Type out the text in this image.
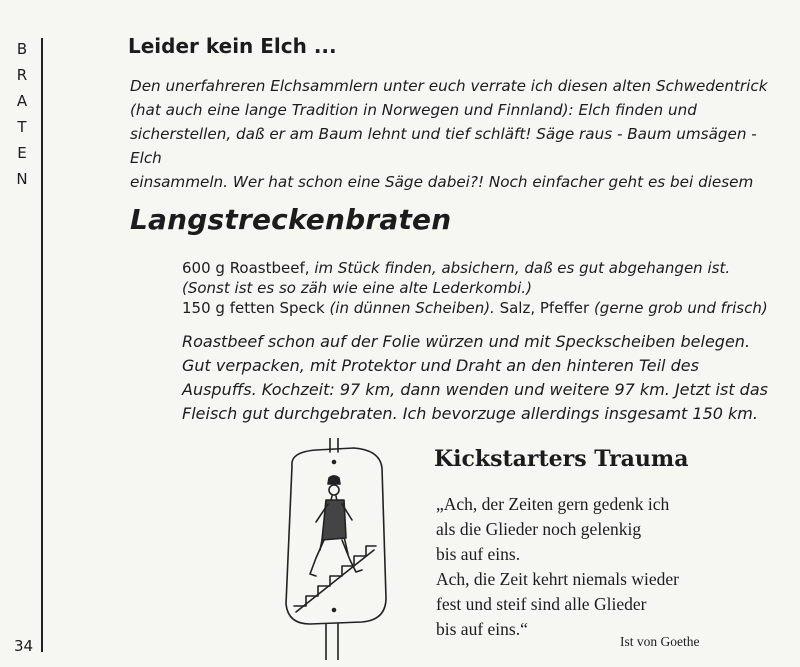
B
R
A
T
E
N
34
Leider kein Elch ...
Den unerfahreren Elchsammlern unter euch verrate ich diesen alten Schwedentrick
(hat auch eine lange Tradition in Norwegen und Finnland): Elch finden und
sicherstellen, daß er am Baum lehnt und tief schläft! Säge raus - Baum umsägen - Elch
einsammeln. Wer hat schon eine Säge dabei?! Noch einfacher geht es bei diesem
Langstreckenbraten
600 g Roastbeef, im Stück finden, absichern, daß es gut abgehangen ist.
(Sonst ist es so zäh wie eine alte Lederkombi.)
150 g fetten Speck (in dünnen Scheiben). Salz, Pfeffer (gerne grob und frisch)
Roastbeef schon auf der Folie würzen und mit Speckscheiben belegen.
Gut verpacken, mit Protektor und Draht an den hinteren Teil des
Auspuffs. Kochzeit: 97 km, dann wenden und weitere 97 km. Jetzt ist das
Fleisch gut durchgebraten. Ich bevorzuge allerdings insgesamt 150 km.
Kickstarters Trauma
„Ach, der Zeiten gern gedenk ich
als die Glieder noch gelenkig
bis auf eins.
Ach, die Zeit kehrt niemals wieder
fest und steif sind alle Glieder
bis auf eins.“
Ist von Goethe
